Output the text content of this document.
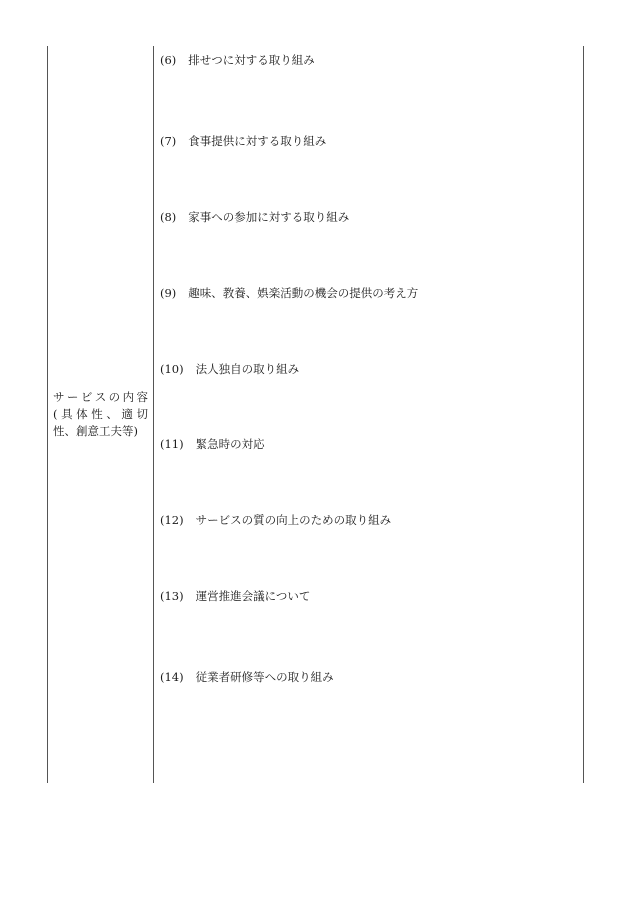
サービスの内容
(具体性、適切
性、創意工夫等)
(6) 排せつに対する取り組み
(7) 食事提供に対する取り組み
(8) 家事への参加に対する取り組み
(9) 趣味、教養、娯楽活動の機会の提供の考え方
(10) 法人独自の取り組み
(11) 緊急時の対応
(12) サービスの質の向上のための取り組み
(13) 運営推進会議について
(14) 従業者研修等への取り組み
